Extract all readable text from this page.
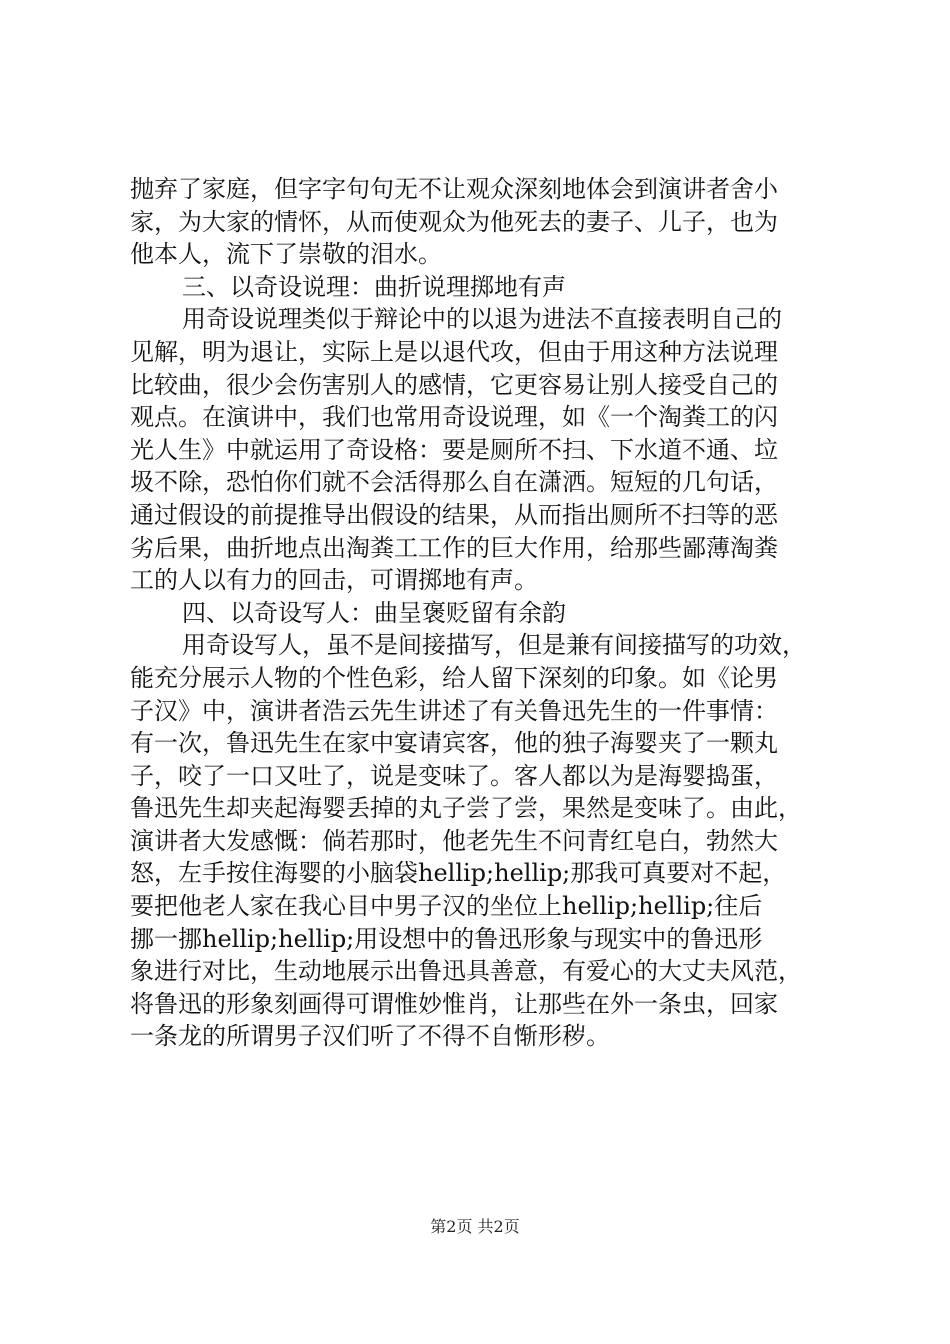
抛弃了家庭，但字字句句无不让观众深刻地体会到演讲者舍小
家，为大家的情怀，从而使观众为他死去的妻子、儿子，也为
他本人，流下了崇敬的泪水。
三、以奇设说理：曲折说理掷地有声
用奇设说理类似于辩论中的以退为进法不直接表明自己的
见解，明为退让，实际上是以退代攻，但由于用这种方法说理
比较曲，很少会伤害别人的感情，它更容易让别人接受自己的
观点。在演讲中，我们也常用奇设说理，如《一个淘粪工的闪
光人生》中就运用了奇设格：要是厕所不扫、下水道不通、垃
圾不除，恐怕你们就不会活得那么自在潇洒。短短的几句话，
通过假设的前提推导出假设的结果，从而指出厕所不扫等的恶
劣后果，曲折地点出淘粪工工作的巨大作用，给那些鄙薄淘粪
工的人以有力的回击，可谓掷地有声。
四、以奇设写人：曲呈褒贬留有余韵
用奇设写人，虽不是间接描写，但是兼有间接描写的功效，
能充分展示人物的个性色彩，给人留下深刻的印象。如《论男
子汉》中，演讲者浩云先生讲述了有关鲁迅先生的一件事情：
有一次，鲁迅先生在家中宴请宾客，他的独子海婴夹了一颗丸
子，咬了一口又吐了，说是变味了。客人都以为是海婴捣蛋，
鲁迅先生却夹起海婴丢掉的丸子尝了尝，果然是变味了。由此，
演讲者大发感慨：倘若那时，他老先生不问青红皂白，勃然大
怒，左手按住海婴的小脑袋hellip;hellip;那我可真要对不起，
要把他老人家在我心目中男子汉的坐位上hellip;hellip;往后
挪一挪hellip;hellip;用设想中的鲁迅形象与现实中的鲁迅形
象进行对比，生动地展示出鲁迅具善意，有爱心的大丈夫风范，
将鲁迅的形象刻画得可谓惟妙惟肖，让那些在外一条虫，回家
一条龙的所谓男子汉们听了不得不自惭形秽。
第2页 共2页
